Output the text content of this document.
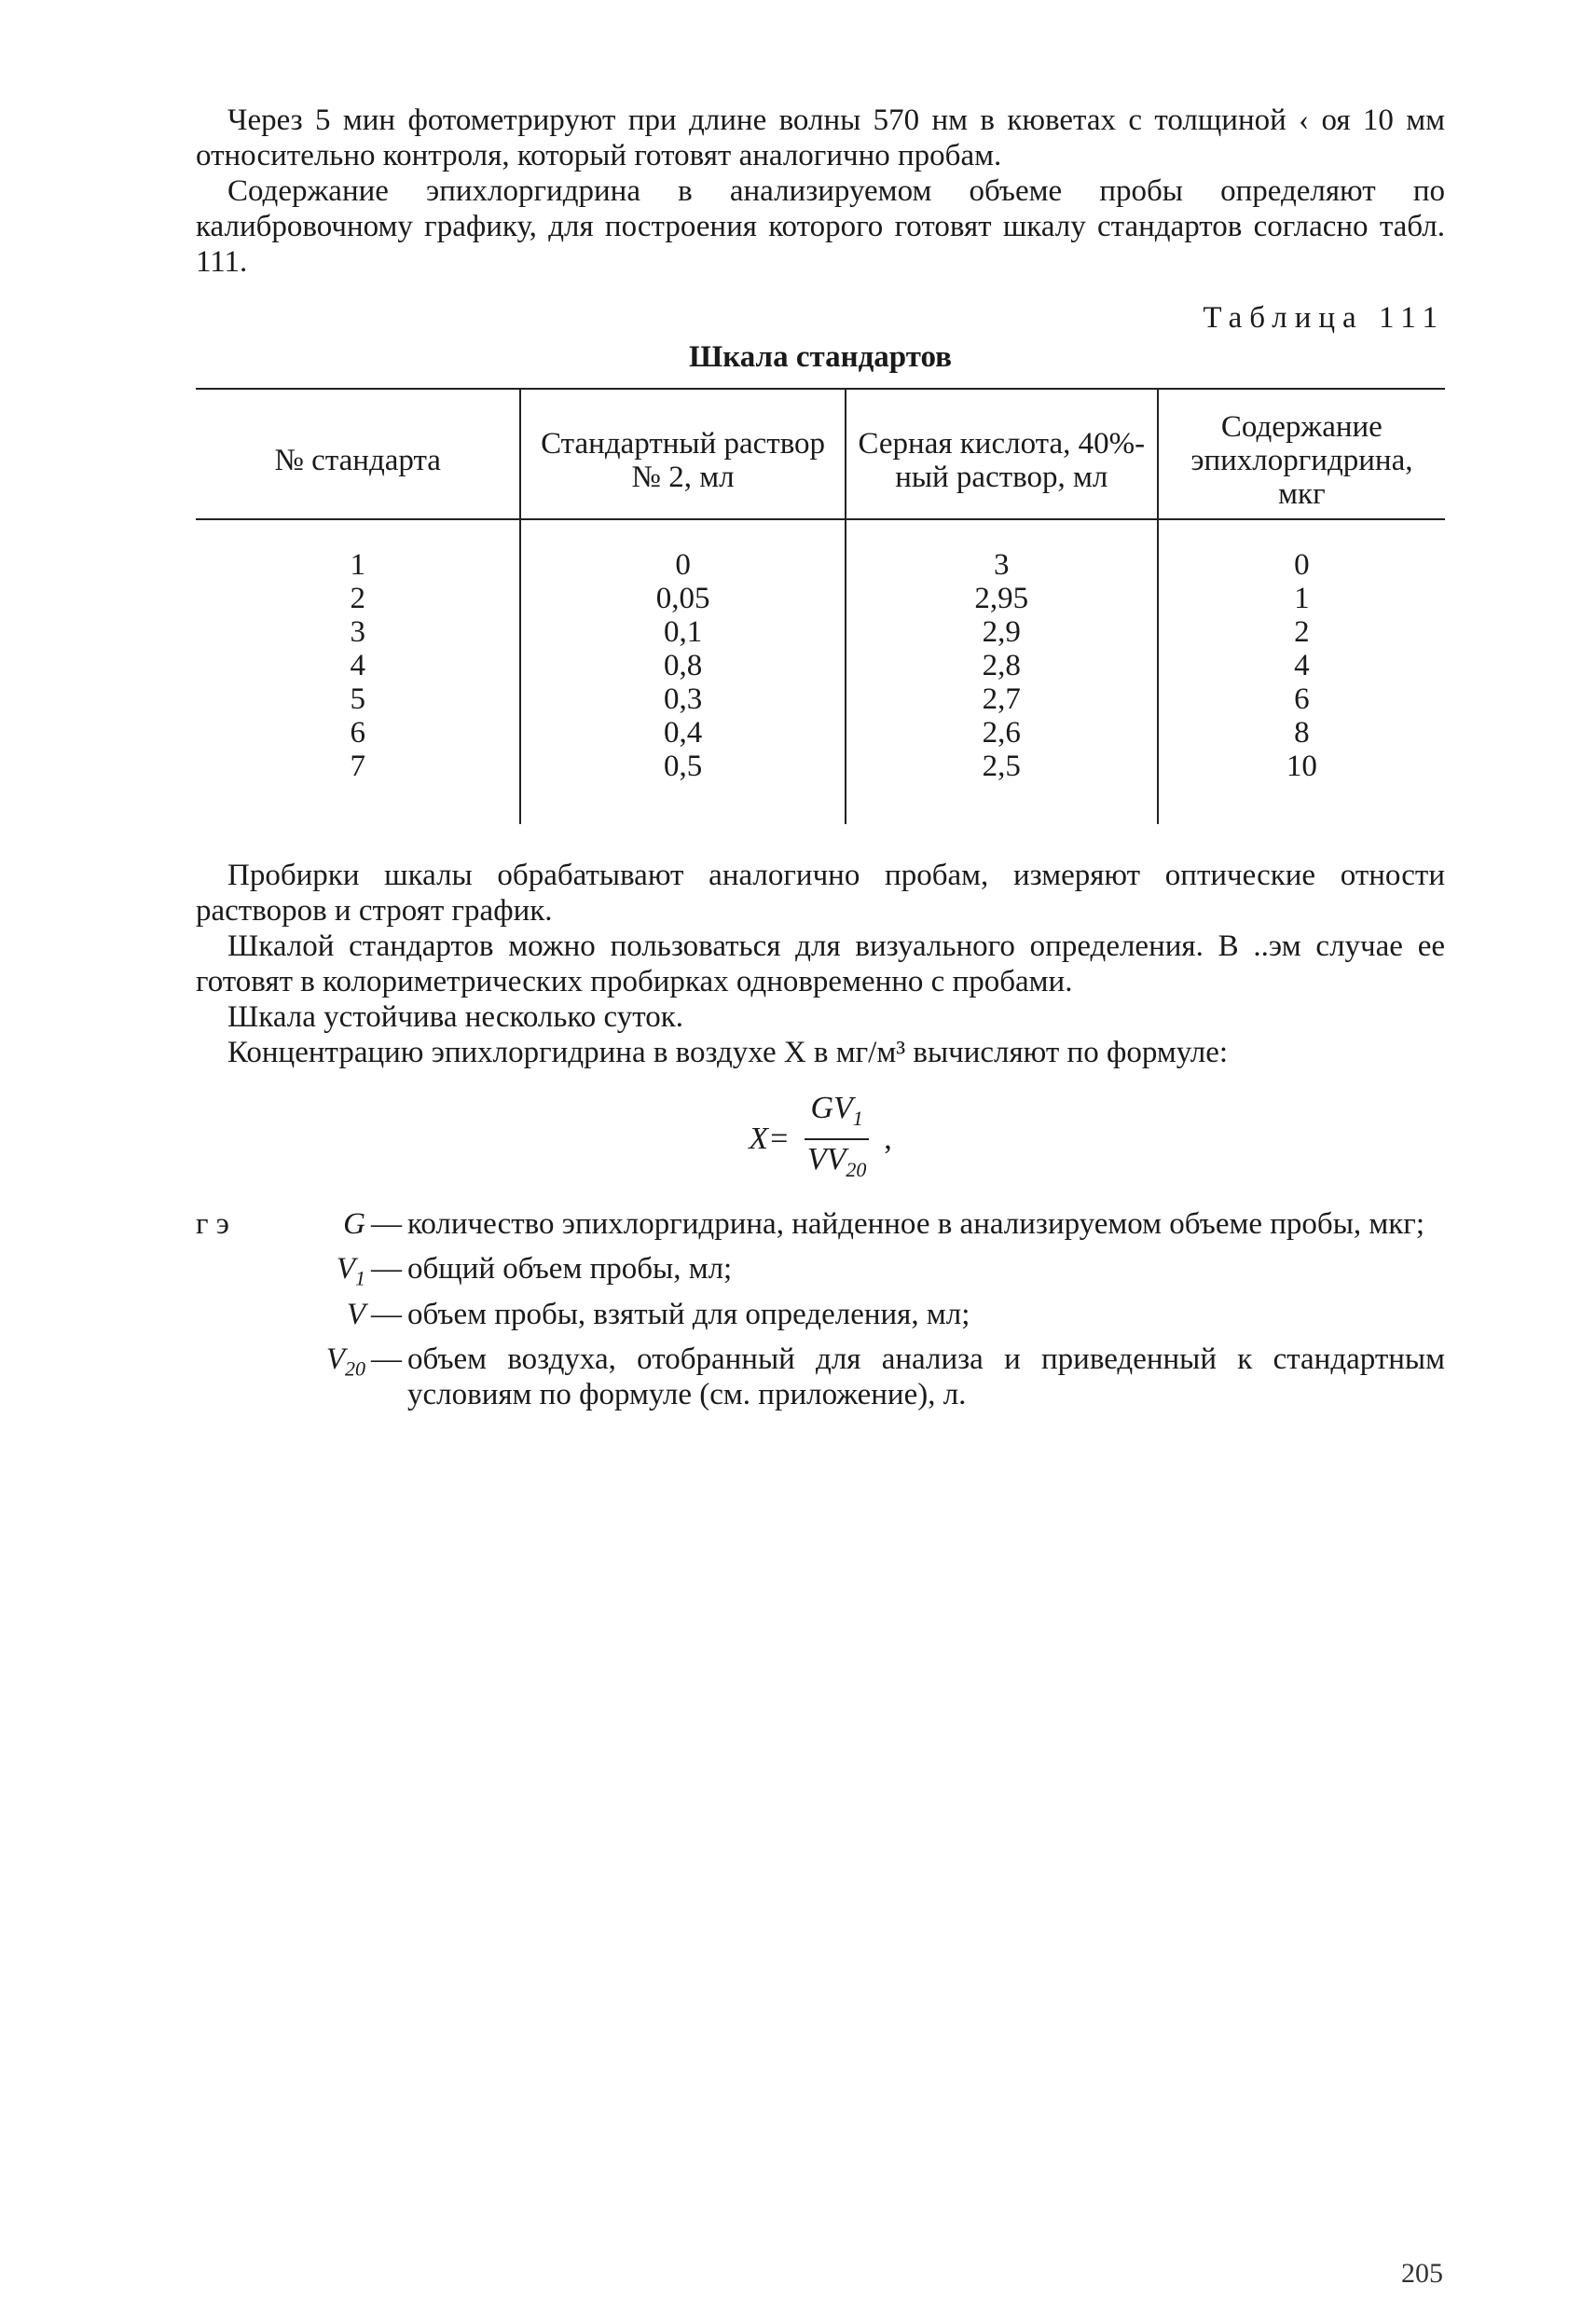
Через 5 мин фотометрируют при длине волны 570 нм в кюветах с толщиной ‹ оя 10 мм относительно контроля, который готовят аналогично пробам.

Содержание эпихлоргидрина в анализируемом объеме пробы определяют по калибровочному графику, для построения которого готовят шкалу стандартов согласно табл. 111.

Таблица 111
Шкала стандартов
№ стандарта	Стандартный раствор № 2, мл	Серная кислота, 40%-ный раствор, мл	Содержание эпихлоргидрина, мкг
1	0	3	0
2	0,05	2,95	1
3	0,1	2,9	2
4	0,8	2,8	4
5	0,3	2,7	6
6	0,4	2,6	8
7	0,5	2,5	10

Пробирки шкалы обрабатывают аналогично пробам, измеряют оптические отности растворов и строят график.

Шкалой стандартов можно пользоваться для визуального определения. В ..эм случае ее готовят в колориметрических пробирках одновременно с пробами.

Шкала устойчива несколько суток.

Концентрацию эпихлоргидрина в воздухе X в мг/м³ вычисляют по формуле:

$X= \frac{GV_1}{VV_{20}}$ ,
г э	G — количество эпихлоргидрина, найденное в анализируемом объеме пробы, мкг;
$V_1$ — общий объем пробы, мл;
V — объем пробы, взятый для определения, мл;
$V_{20}$ — объем воздуха, отобранный для анализа и приведенный к стандартным условиям по формуле (см. приложение), л.
205
